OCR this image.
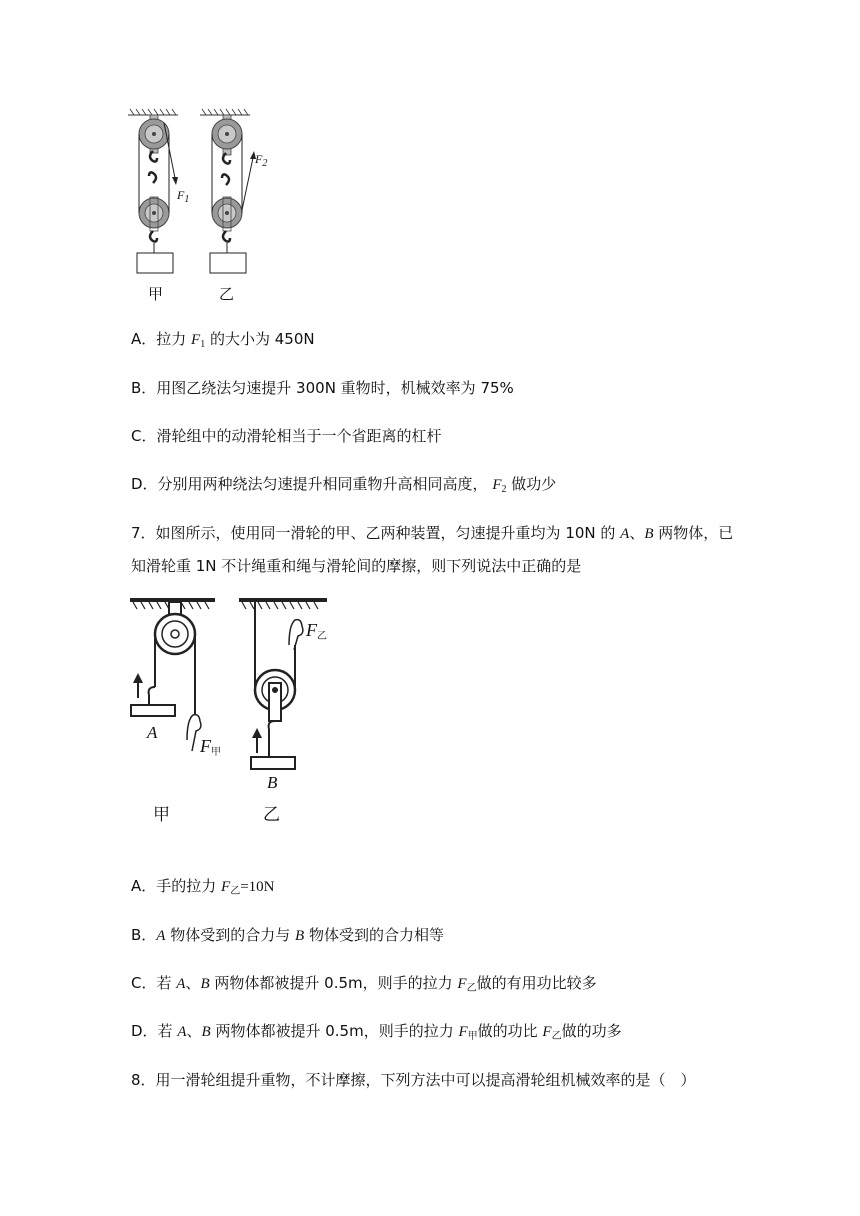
$F_1$
$F_2$
甲	乙
A．拉力 $F_1$ 的大小为 450N
B．用图乙绕法匀速提升 300N 重物时，机械效率为 75%
C．滑轮组中的动滑轮相当于一个省距离的杠杆
D．分别用两种绕法匀速提升相同重物升高相同高度， $F_2$ 做功少
7．如图所示，使用同一滑轮的甲、乙两种装置，匀速提升重均为 10N 的 A、B 两物体，已
知滑轮重 1N 不计绳重和绳与滑轮间的摩擦，则下列说法中正确的是
A
B
$F_甲$
$F_乙$
甲	乙
A．手的拉力 $F_乙=10N$
B．A 物体受到的合力与 B 物体受到的合力相等
C．若 A、B 两物体都被提升 0.5m，则手的拉力 $F_乙$做的有用功比较多
D．若 A、B 两物体都被提升 0.5m，则手的拉力 $F_甲$做的功比 $F_乙$做的功多
8．用一滑轮组提升重物，不计摩擦，下列方法中可以提高滑轮组机械效率的是（　）
